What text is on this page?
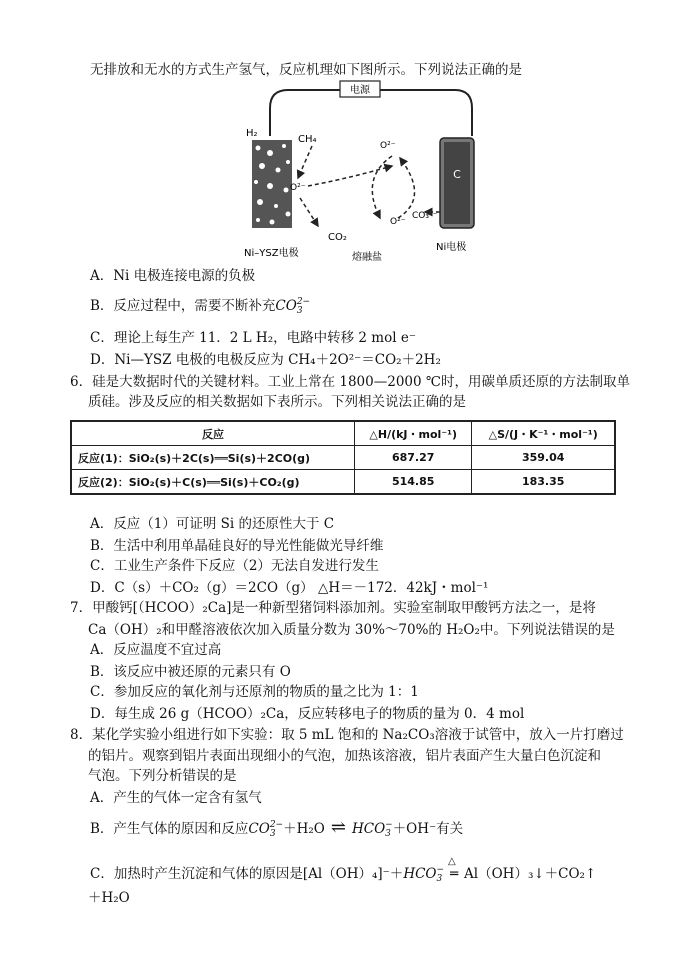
无排放和无水的方式生产氢气，反应机理如下图所示。下列说法正确的是
电源
C
H₂
CH₄
O²⁻
O²⁻
O²⁻
CO₃²⁻
CO₂
Ni–YSZ电极	熔融盐
Ni电极
A．Ni 电极连接电源的负极
B．反应过程中，需要不断补充CO 2−
3
C．理论上每生产 11．2 L H₂，电路中转移 2 mol e⁻
D．Ni—YSZ 电极的电极反应为 CH₄＋2O²⁻＝CO₂＋2H₂
6．硅是大数据时代的关键材料。工业上常在 1800—2000 ℃时，用碳单质还原的方法制取单
质硅。涉及反应的相关数据如下表所示。下列相关说法正确的是
反应	△H/(kJ・mol⁻¹)	△S/(J・K⁻¹・mol⁻¹)
反应(1)：SiO₂(s)＋2C(s)══Si(s)＋2CO(g)	687.27	359.04
反应(2)：SiO₂(s)＋C(s)══Si(s)＋CO₂(g)	514.85	183.35
A．反应（1）可证明 Si 的还原性大于 C
B．生活中利用单晶硅良好的导光性能做光导纤维
C．工业生产条件下反应（2）无法自发进行发生
D．C（s）＋CO₂（g）＝2CO（g） △H＝－172．42kJ・mol⁻¹
7．甲酸钙[（HCOO）₂Ca]是一种新型猪饲料添加剂。实验室制取甲酸钙方法之一，是将
Ca（OH）₂和甲醛溶液依次加入质量分数为 30%～70%的 H₂O₂中。下列说法错误的是
A．反应温度不宜过高
B．该反应中被还原的元素只有 O
C．参加反应的氧化剂与还原剂的物质的量之比为 1：1
D．每生成 26 g（HCOO）₂Ca，反应转移电子的物质的量为 0．4 mol
8．某化学实验小组进行如下实验：取 5 mL 饱和的 Na₂CO₃溶液于试管中，放入一片打磨过
的铝片。观察到铝片表面出现细小的气泡，加热该溶液，铝片表面产生大量白色沉淀和
气泡。下列分析错误的是
A．产生的气体一定含有氢气
B．产生气体的原因和反应CO 2−
3 ＋H₂O ⇌ HCO −
3 ＋OH⁻有关
C．加热时产生沉淀和气体的原因是[Al（OH）₄]⁻＋HCO −
3
△
═ Al（OH）₃↓＋CO₂↑
＋H₂O
